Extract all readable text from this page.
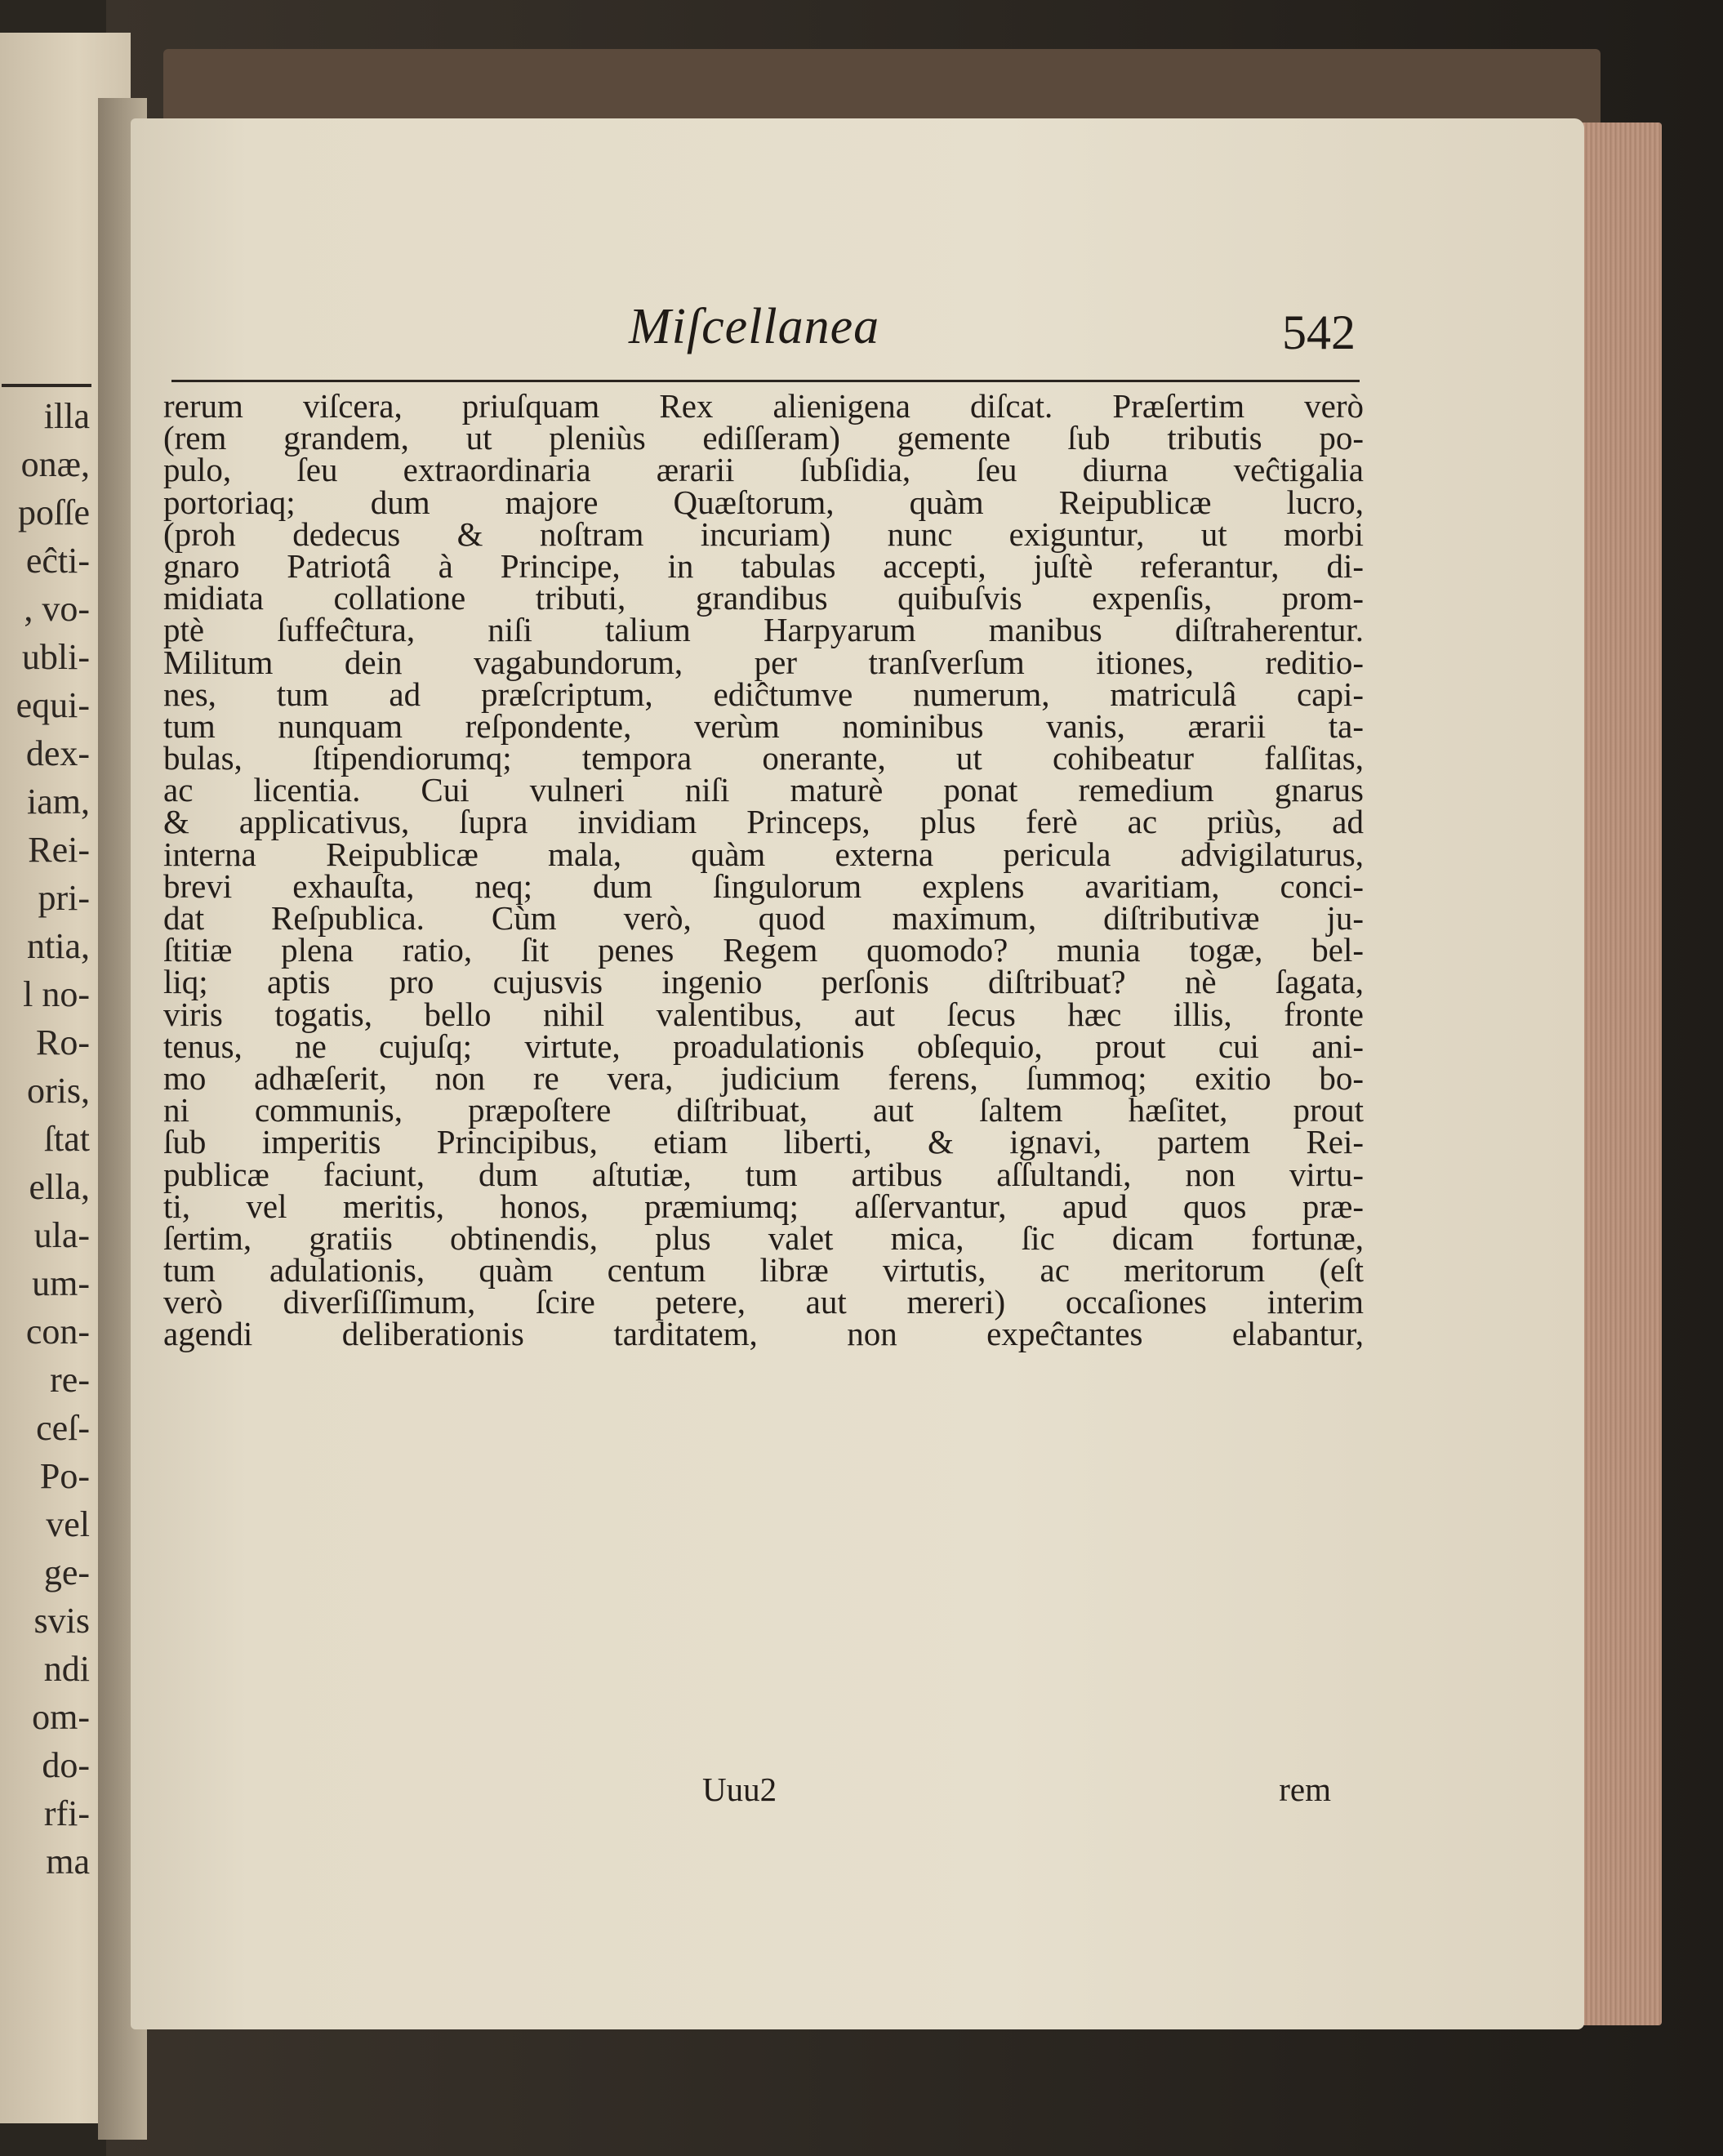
illa
onæ,
poſſe
eĉti-
, vo-
ubli-
equi-
dex-
iam,
Rei-
pri-
ntia,
l no-
Ro-
oris,
ſtat
ella,
ula-
um-
con-
re-
ceſ-
Po-
vel
ge-
svis
ndi
om-
do-
rfi-
ma
Miſcellanea	542
rerum viſcera, priuſquam Rex alienigena diſcat. Præſertim verò
(rem grandem, ut pleniùs ediſſeram) gemente ſub tributis po-
pulo, ſeu extraordinaria ærarii ſubſidia, ſeu diurna veĉtigalia
portoriaq; dum majore Quæſtorum, quàm Reipublicæ lucro,
(proh dedecus & noſtram incuriam) nunc exiguntur, ut morbi
gnaro Patriotâ à Principe, in tabulas accepti, juſtè referantur, di-
midiata collatione tributi, grandibus quibuſvis expenſis, prom-
ptè ſuffeĉtura, niſi talium Harpyarum manibus diſtraherentur.
Militum dein vagabundorum, per tranſverſum itiones, reditio-
nes, tum ad præſcriptum, ediĉtumve numerum, matriculâ capi-
tum nunquam reſpondente, verùm nominibus vanis, ærarii ta-
bulas, ſtipendiorumq; tempora onerante, ut cohibeatur falſitas,
ac licentia. Cui vulneri niſi maturè ponat remedium gnarus
& applicativus, ſupra invidiam Princeps, plus ferè ac priùs, ad
interna Reipublicæ mala, quàm externa pericula advigilaturus,
brevi exhauſta, neq; dum ſingulorum explens avaritiam, conci-
dat Reſpublica. Cùm verò, quod maximum, diſtributivæ ju-
ſtitiæ plena ratio, ſit penes Regem quomodo? munia togæ, bel-
liq; aptis pro cujusvis ingenio perſonis diſtribuat? nè ſagata,
viris togatis, bello nihil valentibus, aut ſecus hæc illis, fronte
tenus, ne cujuſq; virtute, proadulationis obſequio, prout cui ani-
mo adhæſerit, non re vera, judicium ferens, ſummoq; exitio bo-
ni communis, præpoſtere diſtribuat, aut ſaltem hæſitet, prout
ſub imperitis Principibus, etiam liberti, & ignavi, partem Rei-
publicæ faciunt, dum aſtutiæ, tum artibus aſſultandi, non virtu-
ti, vel meritis, honos, præmiumq; aſſervantur, apud quos præ-
ſertim, gratiis obtinendis, plus valet mica, ſic dicam fortunæ,
tum adulationis, quàm centum libræ virtutis, ac meritorum (eſt
verò diverſiſſimum, ſcire petere, aut mereri) occaſiones interim
agendi deliberationis tarditatem, non expeĉtantes elabantur,
Uuu2	rem
